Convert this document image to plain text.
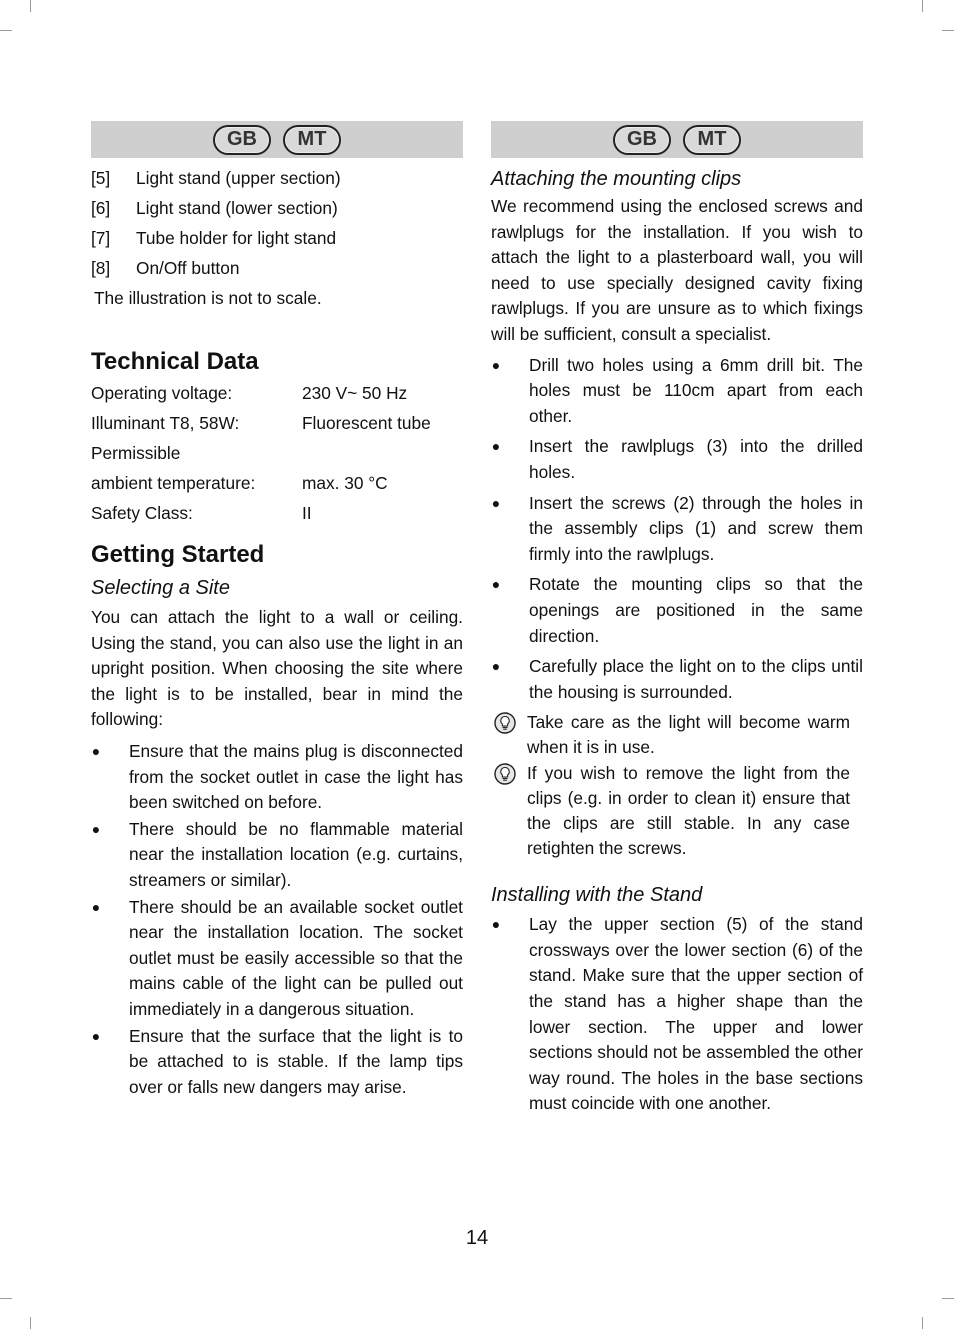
GB	MT
[5]	Light stand (upper section)
[6]	Light stand (lower section)
[7]	Tube holder for light stand
[8]	On/Off button
The illustration is not to scale.
Technical Data
Operating voltage:	230 V~ 50 Hz
Illuminant T8, 58W:	Fluorescent tube
Permissible
ambient temperature:	max. 30 °C
Safety Class:	II
Getting Started
Selecting a Site

You can attach the light to a wall or ceiling. Using the stand, you can also use the light in an upright position. When choosing the site where the light is to be installed, bear in mind the following:

● Ensure that the mains plug is disconnected from the socket outlet in case the light has been switched on before.
● There should be no flammable material near the installation location (e.g. curtains, streamers or similar).
● There should be an available socket outlet near the installation location. The socket outlet must be easily accessible so that the mains cable of the light can be pulled out immediately in a dangerous situation.
● Ensure that the surface that the light is to be attached to is stable. If the lamp tips over or falls new dangers may arise.
GB	MT
Attaching the mounting clips

We recommend using the enclosed screws and rawlplugs for the installation. If you wish to attach the light to a plasterboard wall, you will need to use specially designed cavity fixing rawlplugs. If you are unsure as to which fixings will be sufficient, consult a specialist.

● Drill two holes using a 6mm drill bit. The holes must be 110cm apart from each other.
● Insert the rawlplugs (3) into the drilled holes.
● Insert the screws (2) through the holes in the assembly clips (1) and screw them firmly into the rawlplugs.
● Rotate the mounting clips so that the openings are positioned in the same direction.
● Carefully place the light on to the clips until the housing is surrounded.
Take care as the light will become warm when it is in use.
If you wish to remove the light from the clips (e.g. in order to clean it) ensure that the clips are still stable. In any case retighten the screws.
Installing with the Stand
● Lay the upper section (5) of the stand crossways over the lower section (6) of the stand. Make sure that the upper section of the stand has a higher shape than the lower section. The upper and lower sections should not be assembled the other way round. The holes in the base sections must coincide with one another.
14
